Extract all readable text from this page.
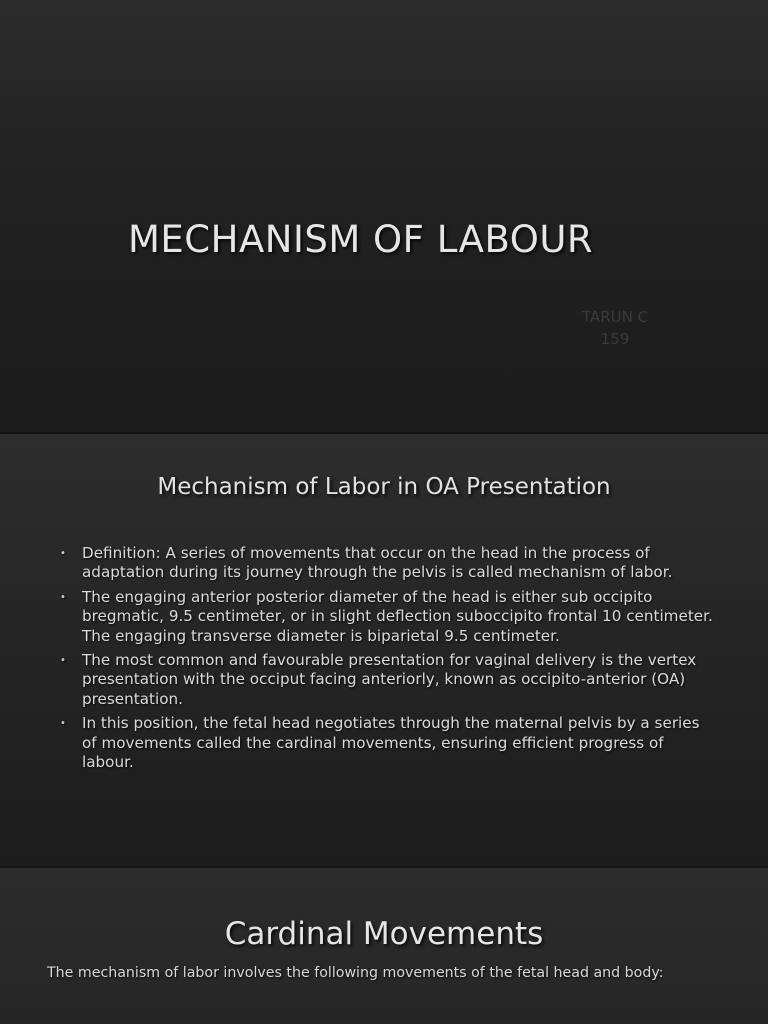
MECHANISM OF LABOUR
TARUN C
159
Mechanism of Labor in OA Presentation
• Definition: A series of movements that occur on the head in the process of adaptation during its journey through the pelvis is called mechanism of labor.
• The engaging anterior posterior diameter of the head is either sub occipito bregmatic, 9.5 centimeter, or in slight deflection suboccipito frontal 10 centimeter. The engaging transverse diameter is biparietal 9.5 centimeter.
• The most common and favourable presentation for vaginal delivery is the vertex presentation with the occiput facing anteriorly, known as occipito-anterior (OA) presentation.
• In this position, the fetal head negotiates through the maternal pelvis by a series of movements called the cardinal movements, ensuring efficient progress of labour.
Cardinal Movements

The mechanism of labor involves the following movements of the fetal head and body:
